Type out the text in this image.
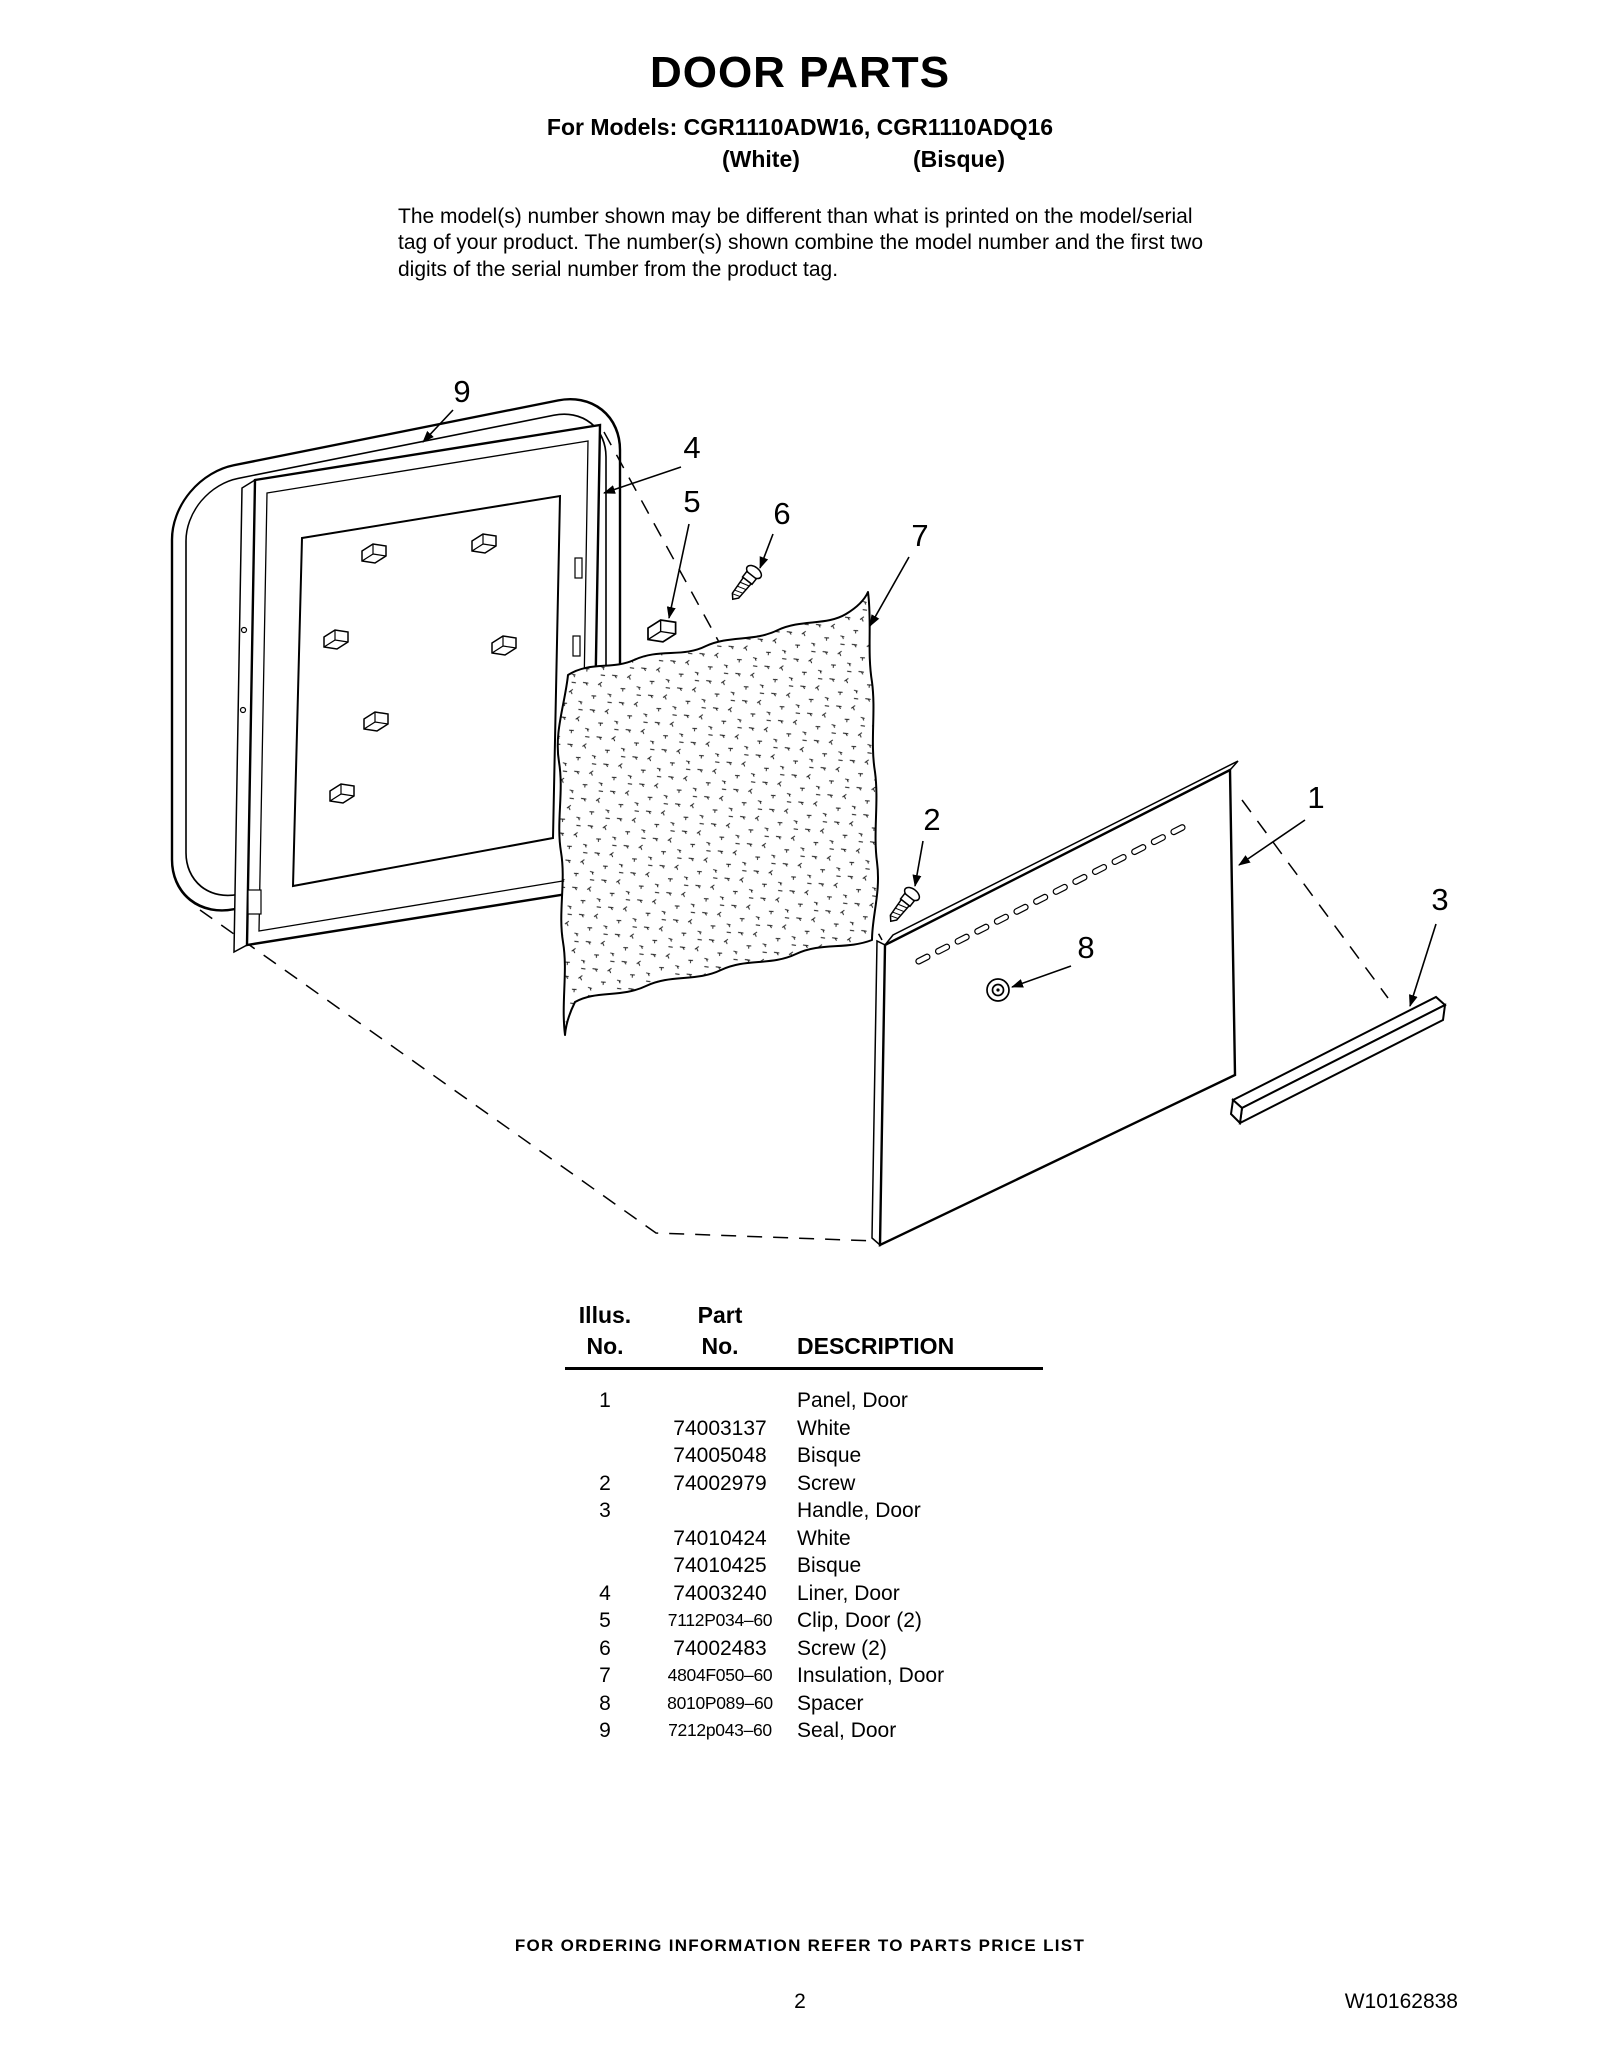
DOOR PARTS
For Models: CGR1110ADW16, CGR1110ADQ16
(White)	(Bisque)

The model(s) number shown may be different than what is printed on the model/serial tag of your product. The number(s) shown combine the model number and the first two digits of the serial number from the product tag.

9
4
5 6
7
2
8
1
3
Illus.	Part	
No.	No.	DESCRIPTION
1		Panel, Door
	74003137	White
	74005048	Bisque
2	74002979	Screw
3		Handle, Door
	74010424	White
	74010425	Bisque
4	74003240	Liner, Door
5	7112P034–60	Clip, Door (2)
6	74002483	Screw (2)
7	4804F050–60	Insulation, Door
8	8010P089–60	Spacer
9	7212p043–60	Seal, Door
FOR ORDERING INFORMATION REFER TO PARTS PRICE LIST
2	W10162838
